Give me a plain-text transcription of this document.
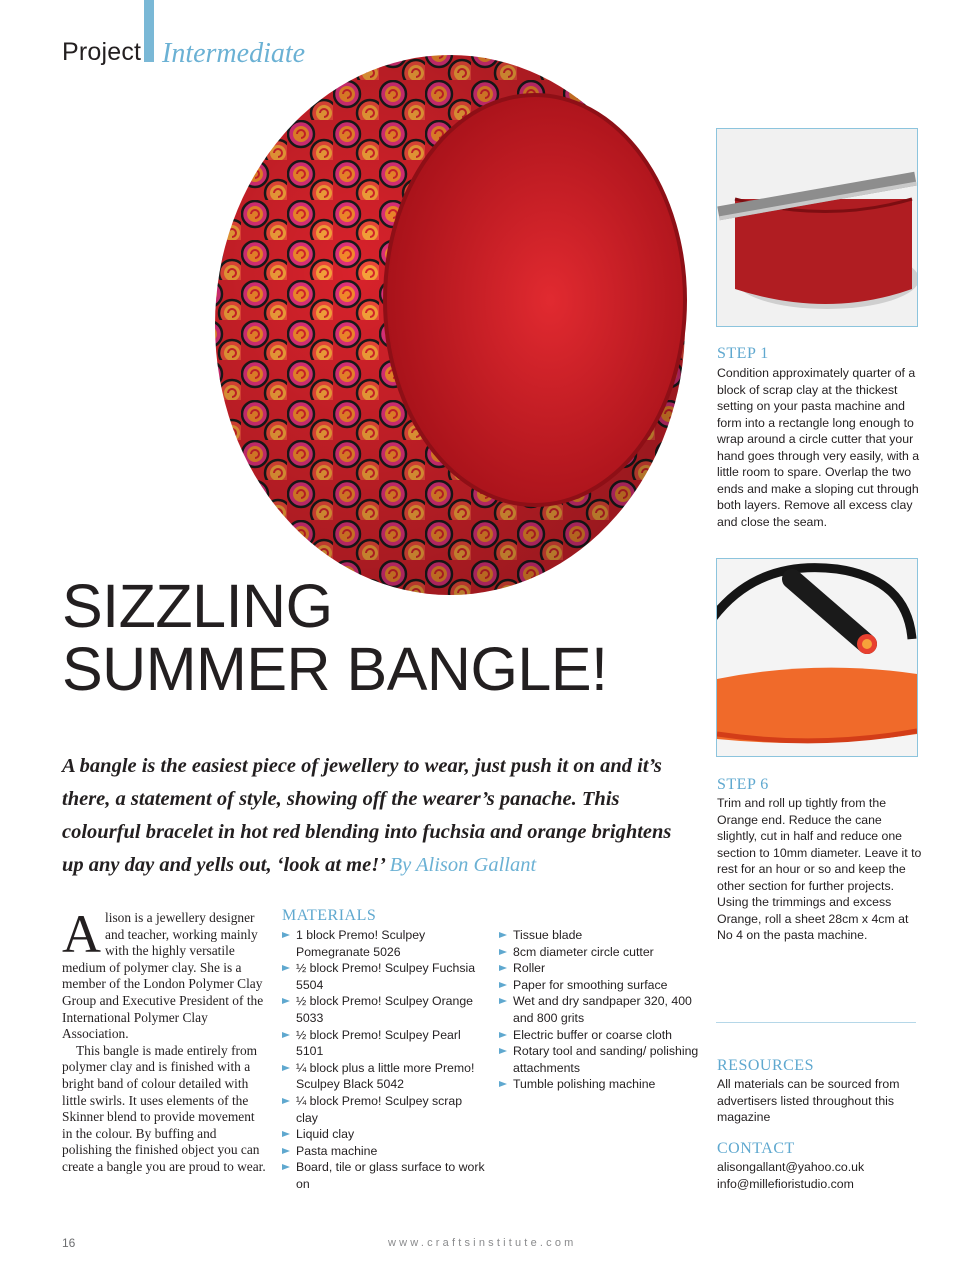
Project Intermediate
STEP 1
Condition approximately quarter of a block of scrap clay at the thickest setting on your pasta machine and form into a rectangle long enough to wrap around a circle cutter that your hand goes through very easily, with a little room to spare. Overlap the two ends and make a sloping cut through both layers. Remove all excess clay and close the seam.
STEP 6
Trim and roll up tightly from the Orange end. Reduce the cane slightly, cut in half and reduce one section to 10mm diameter. Leave it to rest for an hour or so and keep the other section for further projects. Using the trimmings and excess Orange, roll a sheet 28cm x 4cm at No 4 on the pasta machine.
RESOURCES
All materials can be sourced from advertisers listed throughout this magazine
CONTACT
alisongallant@yahoo.co.uk
info@millefioristudio.com
SIZZLING
SUMMER BANGLE!
A bangle is the easiest piece of jewellery to wear, just push it on and it’s there, a statement of style, showing off the wearer’s panache. This colourful bracelet in hot red blending into fuchsia and orange brightens up any day and yells out, ‘look at me!’ By Alison Gallant

A lison is a jewellery designer and teacher, working mainly with the highly versatile medium of polymer clay. She is a member of the London Polymer Clay Group and Executive President of the International Polymer Clay Association.

This bangle is made entirely from polymer clay and is finished with a bright band of colour detailed with little swirls. It uses elements of the Skinner blend to provide movement in the colour. By buffing and polishing the finished object you can create a bangle you are proud to wear.

MATERIALS
1 block Premo! Sculpey Pomegranate 5026
½ block Premo! Sculpey Fuchsia 5504
½ block Premo! Sculpey Orange 5033
½ block Premo! Sculpey Pearl 5101
¼ block plus a little more Premo! Sculpey Black 5042
¼ block Premo! Sculpey scrap clay
Liquid clay
Pasta machine
Board, tile or glass surface to work on
Tissue blade
8cm diameter circle cutter
Roller
Paper for smoothing surface
Wet and dry sandpaper 320, 400 and 800 grits
Electric buffer or coarse cloth
Rotary tool and sanding/ polishing attachments
Tumble polishing machine
16	www.craftsinstitute.com
